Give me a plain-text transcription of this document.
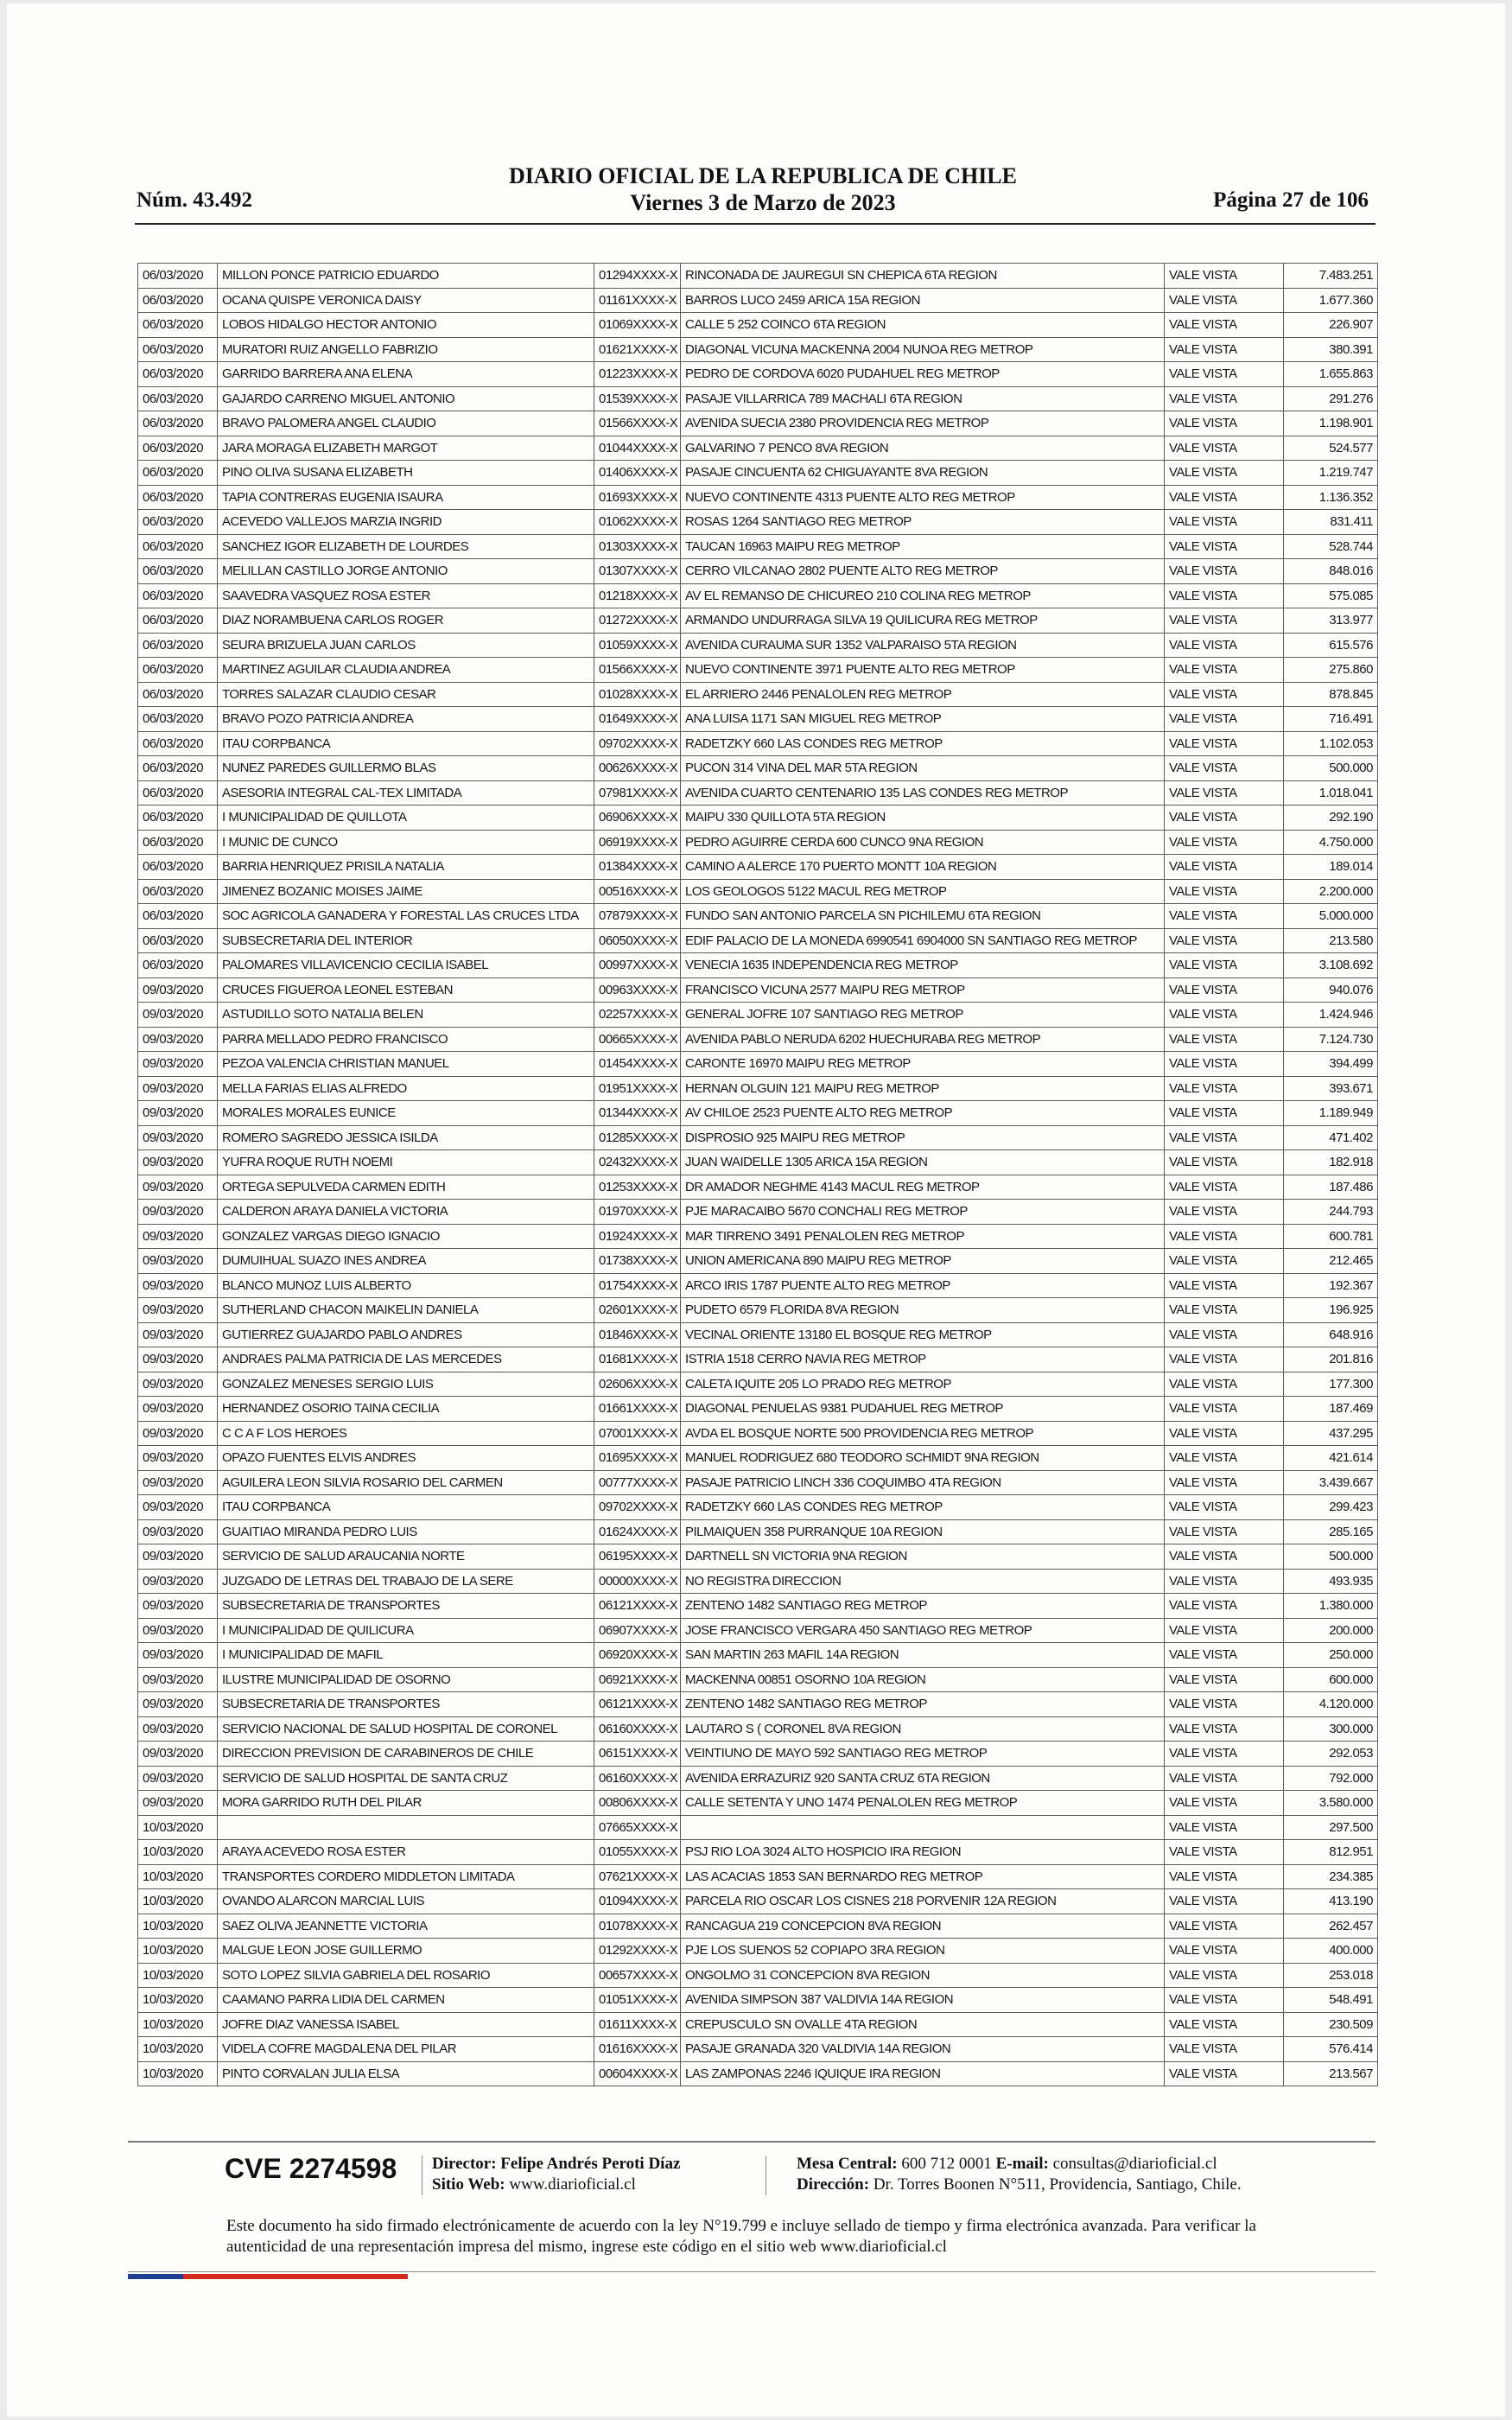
Núm. 43.492
DIARIO OFICIAL DE LA REPUBLICA DE CHILE
Viernes 3 de Marzo de 2023	Página 27 de 106
06/03/2020	MILLON PONCE PATRICIO EDUARDO	01294XXXX-X	RINCONADA DE JAUREGUI SN CHEPICA 6TA REGION	VALE VISTA	7.483.251
06/03/2020	OCANA QUISPE VERONICA DAISY	01161XXXX-X	BARROS LUCO 2459 ARICA 15A REGION	VALE VISTA	1.677.360
06/03/2020	LOBOS HIDALGO HECTOR ANTONIO	01069XXXX-X	CALLE 5 252 COINCO 6TA REGION	VALE VISTA	226.907
06/03/2020	MURATORI RUIZ ANGELLO FABRIZIO	01621XXXX-X	DIAGONAL VICUNA MACKENNA 2004 NUNOA REG METROP	VALE VISTA	380.391
06/03/2020	GARRIDO BARRERA ANA ELENA	01223XXXX-X	PEDRO DE CORDOVA 6020 PUDAHUEL REG METROP	VALE VISTA	1.655.863
06/03/2020	GAJARDO CARRENO MIGUEL ANTONIO	01539XXXX-X	PASAJE VILLARRICA 789 MACHALI 6TA REGION	VALE VISTA	291.276
06/03/2020	BRAVO PALOMERA ANGEL CLAUDIO	01566XXXX-X	AVENIDA SUECIA 2380 PROVIDENCIA REG METROP	VALE VISTA	1.198.901
06/03/2020	JARA MORAGA ELIZABETH MARGOT	01044XXXX-X	GALVARINO 7 PENCO 8VA REGION	VALE VISTA	524.577
06/03/2020	PINO OLIVA SUSANA ELIZABETH	01406XXXX-X	PASAJE CINCUENTA 62 CHIGUAYANTE 8VA REGION	VALE VISTA	1.219.747
06/03/2020	TAPIA CONTRERAS EUGENIA ISAURA	01693XXXX-X	NUEVO CONTINENTE 4313 PUENTE ALTO REG METROP	VALE VISTA	1.136.352
06/03/2020	ACEVEDO VALLEJOS MARZIA INGRID	01062XXXX-X	ROSAS 1264 SANTIAGO REG METROP	VALE VISTA	831.411
06/03/2020	SANCHEZ IGOR ELIZABETH DE LOURDES	01303XXXX-X	TAUCAN 16963 MAIPU REG METROP	VALE VISTA	528.744
06/03/2020	MELILLAN CASTILLO JORGE ANTONIO	01307XXXX-X	CERRO VILCANAO 2802 PUENTE ALTO REG METROP	VALE VISTA	848.016
06/03/2020	SAAVEDRA VASQUEZ ROSA ESTER	01218XXXX-X	AV EL REMANSO DE CHICUREO 210 COLINA REG METROP	VALE VISTA	575.085
06/03/2020	DIAZ NORAMBUENA CARLOS ROGER	01272XXXX-X	ARMANDO UNDURRAGA SILVA 19 QUILICURA REG METROP	VALE VISTA	313.977
06/03/2020	SEURA BRIZUELA JUAN CARLOS	01059XXXX-X	AVENIDA CURAUMA SUR 1352 VALPARAISO 5TA REGION	VALE VISTA	615.576
06/03/2020	MARTINEZ AGUILAR CLAUDIA ANDREA	01566XXXX-X	NUEVO CONTINENTE 3971 PUENTE ALTO REG METROP	VALE VISTA	275.860
06/03/2020	TORRES SALAZAR CLAUDIO CESAR	01028XXXX-X	EL ARRIERO 2446 PENALOLEN REG METROP	VALE VISTA	878.845
06/03/2020	BRAVO POZO PATRICIA ANDREA	01649XXXX-X	ANA LUISA 1171 SAN MIGUEL REG METROP	VALE VISTA	716.491
06/03/2020	ITAU CORPBANCA	09702XXXX-X	RADETZKY 660 LAS CONDES REG METROP	VALE VISTA	1.102.053
06/03/2020	NUNEZ PAREDES GUILLERMO BLAS	00626XXXX-X	PUCON 314 VINA DEL MAR 5TA REGION	VALE VISTA	500.000
06/03/2020	ASESORIA INTEGRAL CAL-TEX LIMITADA	07981XXXX-X	AVENIDA CUARTO CENTENARIO 135 LAS CONDES REG METROP	VALE VISTA	1.018.041
06/03/2020	I MUNICIPALIDAD DE QUILLOTA	06906XXXX-X	MAIPU 330 QUILLOTA 5TA REGION	VALE VISTA	292.190
06/03/2020	I MUNIC DE CUNCO	06919XXXX-X	PEDRO AGUIRRE CERDA 600 CUNCO 9NA REGION	VALE VISTA	4.750.000
06/03/2020	BARRIA HENRIQUEZ PRISILA NATALIA	01384XXXX-X	CAMINO A ALERCE 170 PUERTO MONTT 10A REGION	VALE VISTA	189.014
06/03/2020	JIMENEZ BOZANIC MOISES JAIME	00516XXXX-X	LOS GEOLOGOS 5122 MACUL REG METROP	VALE VISTA	2.200.000
06/03/2020	SOC AGRICOLA GANADERA Y FORESTAL LAS CRUCES LTDA	07879XXXX-X	FUNDO SAN ANTONIO PARCELA SN PICHILEMU 6TA REGION	VALE VISTA	5.000.000
06/03/2020	SUBSECRETARIA DEL INTERIOR	06050XXXX-X	EDIF PALACIO DE LA MONEDA 6990541 6904000 SN SANTIAGO REG METROP	VALE VISTA	213.580
06/03/2020	PALOMARES VILLAVICENCIO CECILIA ISABEL	00997XXXX-X	VENECIA 1635 INDEPENDENCIA REG METROP	VALE VISTA	3.108.692
09/03/2020	CRUCES FIGUEROA LEONEL ESTEBAN	00963XXXX-X	FRANCISCO VICUNA 2577 MAIPU REG METROP	VALE VISTA	940.076
09/03/2020	ASTUDILLO SOTO NATALIA BELEN	02257XXXX-X	GENERAL JOFRE 107 SANTIAGO REG METROP	VALE VISTA	1.424.946
09/03/2020	PARRA MELLADO PEDRO FRANCISCO	00665XXXX-X	AVENIDA PABLO NERUDA 6202 HUECHURABA REG METROP	VALE VISTA	7.124.730
09/03/2020	PEZOA VALENCIA CHRISTIAN MANUEL	01454XXXX-X	CARONTE 16970 MAIPU REG METROP	VALE VISTA	394.499
09/03/2020	MELLA FARIAS ELIAS ALFREDO	01951XXXX-X	HERNAN OLGUIN 121 MAIPU REG METROP	VALE VISTA	393.671
09/03/2020	MORALES MORALES EUNICE	01344XXXX-X	AV CHILOE 2523 PUENTE ALTO REG METROP	VALE VISTA	1.189.949
09/03/2020	ROMERO SAGREDO JESSICA ISILDA	01285XXXX-X	DISPROSIO 925 MAIPU REG METROP	VALE VISTA	471.402
09/03/2020	YUFRA ROQUE RUTH NOEMI	02432XXXX-X	JUAN WAIDELLE 1305 ARICA 15A REGION	VALE VISTA	182.918
09/03/2020	ORTEGA SEPULVEDA CARMEN EDITH	01253XXXX-X	DR AMADOR NEGHME 4143 MACUL REG METROP	VALE VISTA	187.486
09/03/2020	CALDERON ARAYA DANIELA VICTORIA	01970XXXX-X	PJE MARACAIBO 5670 CONCHALI REG METROP	VALE VISTA	244.793
09/03/2020	GONZALEZ VARGAS DIEGO IGNACIO	01924XXXX-X	MAR TIRRENO 3491 PENALOLEN REG METROP	VALE VISTA	600.781
09/03/2020	DUMUIHUAL SUAZO INES ANDREA	01738XXXX-X	UNION AMERICANA 890 MAIPU REG METROP	VALE VISTA	212.465
09/03/2020	BLANCO MUNOZ LUIS ALBERTO	01754XXXX-X	ARCO IRIS 1787 PUENTE ALTO REG METROP	VALE VISTA	192.367
09/03/2020	SUTHERLAND CHACON MAIKELIN DANIELA	02601XXXX-X	PUDETO 6579 FLORIDA 8VA REGION	VALE VISTA	196.925
09/03/2020	GUTIERREZ GUAJARDO PABLO ANDRES	01846XXXX-X	VECINAL ORIENTE 13180 EL BOSQUE REG METROP	VALE VISTA	648.916
09/03/2020	ANDRAES PALMA PATRICIA DE LAS MERCEDES	01681XXXX-X	ISTRIA 1518 CERRO NAVIA REG METROP	VALE VISTA	201.816
09/03/2020	GONZALEZ MENESES SERGIO LUIS	02606XXXX-X	CALETA IQUITE 205 LO PRADO REG METROP	VALE VISTA	177.300
09/03/2020	HERNANDEZ OSORIO TAINA CECILIA	01661XXXX-X	DIAGONAL PENUELAS 9381 PUDAHUEL REG METROP	VALE VISTA	187.469
09/03/2020	C C A F LOS HEROES	07001XXXX-X	AVDA EL BOSQUE NORTE 500 PROVIDENCIA REG METROP	VALE VISTA	437.295
09/03/2020	OPAZO FUENTES ELVIS ANDRES	01695XXXX-X	MANUEL RODRIGUEZ 680 TEODORO SCHMIDT 9NA REGION	VALE VISTA	421.614
09/03/2020	AGUILERA LEON SILVIA ROSARIO DEL CARMEN	00777XXXX-X	PASAJE PATRICIO LINCH 336 COQUIMBO 4TA REGION	VALE VISTA	3.439.667
09/03/2020	ITAU CORPBANCA	09702XXXX-X	RADETZKY 660 LAS CONDES REG METROP	VALE VISTA	299.423
09/03/2020	GUAITIAO MIRANDA PEDRO LUIS	01624XXXX-X	PILMAIQUEN 358 PURRANQUE 10A REGION	VALE VISTA	285.165
09/03/2020	SERVICIO DE SALUD ARAUCANIA NORTE	06195XXXX-X	DARTNELL SN VICTORIA 9NA REGION	VALE VISTA	500.000
09/03/2020	JUZGADO DE LETRAS DEL TRABAJO DE LA SERE	00000XXXX-X	NO REGISTRA DIRECCION	VALE VISTA	493.935
09/03/2020	SUBSECRETARIA DE TRANSPORTES	06121XXXX-X	ZENTENO 1482 SANTIAGO REG METROP	VALE VISTA	1.380.000
09/03/2020	I MUNICIPALIDAD DE QUILICURA	06907XXXX-X	JOSE FRANCISCO VERGARA 450 SANTIAGO REG METROP	VALE VISTA	200.000
09/03/2020	I MUNICIPALIDAD DE MAFIL	06920XXXX-X	SAN MARTIN 263 MAFIL 14A REGION	VALE VISTA	250.000
09/03/2020	ILUSTRE MUNICIPALIDAD DE OSORNO	06921XXXX-X	MACKENNA 00851 OSORNO 10A REGION	VALE VISTA	600.000
09/03/2020	SUBSECRETARIA DE TRANSPORTES	06121XXXX-X	ZENTENO 1482 SANTIAGO REG METROP	VALE VISTA	4.120.000
09/03/2020	SERVICIO NACIONAL DE SALUD HOSPITAL DE CORONEL	06160XXXX-X	LAUTARO S ( CORONEL 8VA REGION	VALE VISTA	300.000
09/03/2020	DIRECCION PREVISION DE CARABINEROS DE CHILE	06151XXXX-X	VEINTIUNO DE MAYO 592 SANTIAGO REG METROP	VALE VISTA	292.053
09/03/2020	SERVICIO DE SALUD HOSPITAL DE SANTA CRUZ	06160XXXX-X	AVENIDA ERRAZURIZ 920 SANTA CRUZ 6TA REGION	VALE VISTA	792.000
09/03/2020	MORA GARRIDO RUTH DEL PILAR	00806XXXX-X	CALLE SETENTA Y UNO 1474 PENALOLEN REG METROP	VALE VISTA	3.580.000
10/03/2020		07665XXXX-X		VALE VISTA	297.500
10/03/2020	ARAYA ACEVEDO ROSA ESTER	01055XXXX-X	PSJ RIO LOA 3024 ALTO HOSPICIO IRA REGION	VALE VISTA	812.951
10/03/2020	TRANSPORTES CORDERO MIDDLETON LIMITADA	07621XXXX-X	LAS ACACIAS 1853 SAN BERNARDO REG METROP	VALE VISTA	234.385
10/03/2020	OVANDO ALARCON MARCIAL LUIS	01094XXXX-X	PARCELA RIO OSCAR LOS CISNES 218 PORVENIR 12A REGION	VALE VISTA	413.190
10/03/2020	SAEZ OLIVA JEANNETTE VICTORIA	01078XXXX-X	RANCAGUA 219 CONCEPCION 8VA REGION	VALE VISTA	262.457
10/03/2020	MALGUE LEON JOSE GUILLERMO	01292XXXX-X	PJE LOS SUENOS 52 COPIAPO 3RA REGION	VALE VISTA	400.000
10/03/2020	SOTO LOPEZ SILVIA GABRIELA DEL ROSARIO	00657XXXX-X	ONGOLMO 31 CONCEPCION 8VA REGION	VALE VISTA	253.018
10/03/2020	CAAMANO PARRA LIDIA DEL CARMEN	01051XXXX-X	AVENIDA SIMPSON 387 VALDIVIA 14A REGION	VALE VISTA	548.491
10/03/2020	JOFRE DIAZ VANESSA ISABEL	01611XXXX-X	CREPUSCULO SN OVALLE 4TA REGION	VALE VISTA	230.509
10/03/2020	VIDELA COFRE MAGDALENA DEL PILAR	01616XXXX-X	PASAJE GRANADA 320 VALDIVIA 14A REGION	VALE VISTA	576.414
10/03/2020	PINTO CORVALAN JULIA ELSA	00604XXXX-X	LAS ZAMPONAS 2246 IQUIQUE IRA REGION	VALE VISTA	213.567
CVE 2274598 Director: Felipe Andrés Peroti Díaz
Sitio Web: www.diarioficial.cl
Mesa Central: 600 712 0001 E-mail: consultas@diarioficial.cl
Dirección: Dr. Torres Boonen N°511, Providencia, Santiago, Chile.
Este documento ha sido firmado electrónicamente de acuerdo con la ley N°19.799 e incluye sellado de tiempo y firma electrónica avanzada. Para verificar la autenticidad de una representación impresa del mismo, ingrese este código en el sitio web www.diarioficial.cl
